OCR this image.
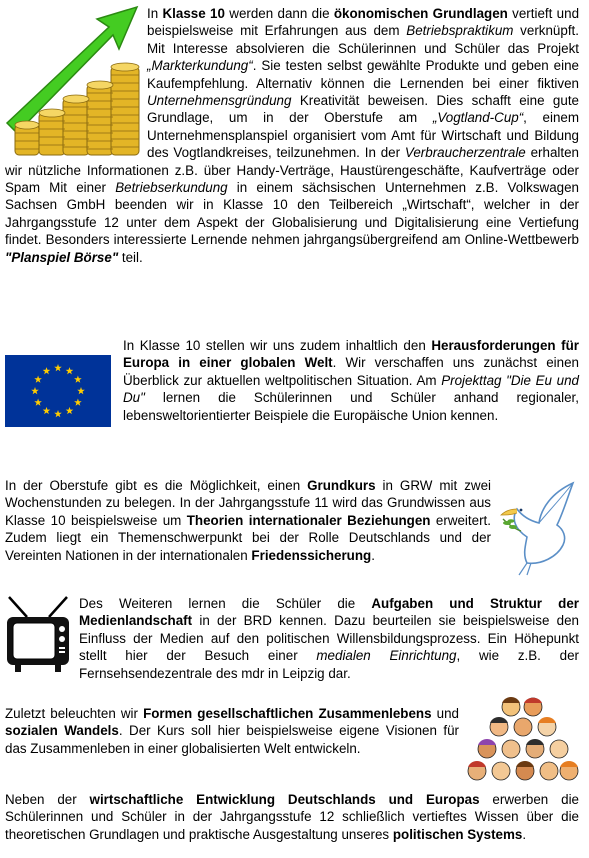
In Klasse 10 werden dann die ökonomischen Grundlagen vertieft und beispielsweise mit Erfahrungen aus dem Betriebspraktikum verknüpft. Mit Interesse absolvieren die Schülerinnen und Schüler das Projekt „Markterkundung“. Sie testen selbst gewählte Produkte und geben eine Kaufempfehlung. Alternativ können die Lernenden bei einer fiktiven Unternehmensgründung Kreativität beweisen. Dies schafft eine gute Grundlage, um in der Oberstufe am „Vogtland-Cup“, einem Unternehmensplanspiel organisiert vom Amt für Wirtschaft und Bildung des Vogtlandkreises, teilzunehmen. In der Verbraucherzentrale erhalten wir nützliche Informationen z.B. über Handy-Verträge, Haustürengeschäfte, Kaufverträge oder Spam Mit einer Betriebserkundung in einem sächsischen Unternehmen z.B. Volkswagen Sachsen GmbH beenden wir in Klasse 10 den Teilbereich „Wirtschaft“, welcher in der Jahrgangsstufe 12 unter dem Aspekt der Globalisierung und Digitalisierung eine Vertiefung findet. Besonders interessierte Lernende nehmen jahrgangsübergreifend am Online-Wettbewerb "Planspiel Börse" teil.

In Klasse 10 stellen wir uns zudem inhaltlich den Herausforderungen für Europa in einer globalen Welt. Wir verschaffen uns zunächst einen Überblick zur aktuellen weltpolitischen Situation. Am Projekttag "Die Eu und Du" lernen die Schülerinnen und Schüler anhand regionaler, lebensweltorientierter Beispiele die Europäische Union kennen.

In der Oberstufe gibt es die Möglichkeit, einen Grundkurs in GRW mit zwei Wochenstunden zu belegen. In der Jahrgangsstufe 11 wird das Grundwissen aus Klasse 10 beispielsweise um Theorien internationaler Beziehungen erweitert. Zudem liegt ein Themenschwerpunkt bei der Rolle Deutschlands und der Vereinten Nationen in der internationalen Friedenssicherung.

Des Weiteren lernen die Schüler die Aufgaben und Struktur der Medienlandschaft in der BRD kennen. Dazu beurteilen sie beispielsweise den Einfluss der Medien auf den politischen Willensbildungsprozess. Ein Höhepunkt stellt hier der Besuch einer medialen Einrichtung, wie z.B. der Fernsehsendezentrale des mdr in Leipzig dar.

Zuletzt beleuchten wir Formen gesellschaftlichen Zusammenlebens und sozialen Wandels. Der Kurs soll hier beispielsweise eigene Visionen für das Zusammenleben in einer globalisierten Welt entwickeln.

Neben der wirtschaftliche Entwicklung Deutschlands und Europas erwerben die Schülerinnen und Schüler in der Jahrgangsstufe 12 schließlich vertieftes Wissen über die theoretischen Grundlagen und praktische Ausgestaltung unseres politischen Systems.
